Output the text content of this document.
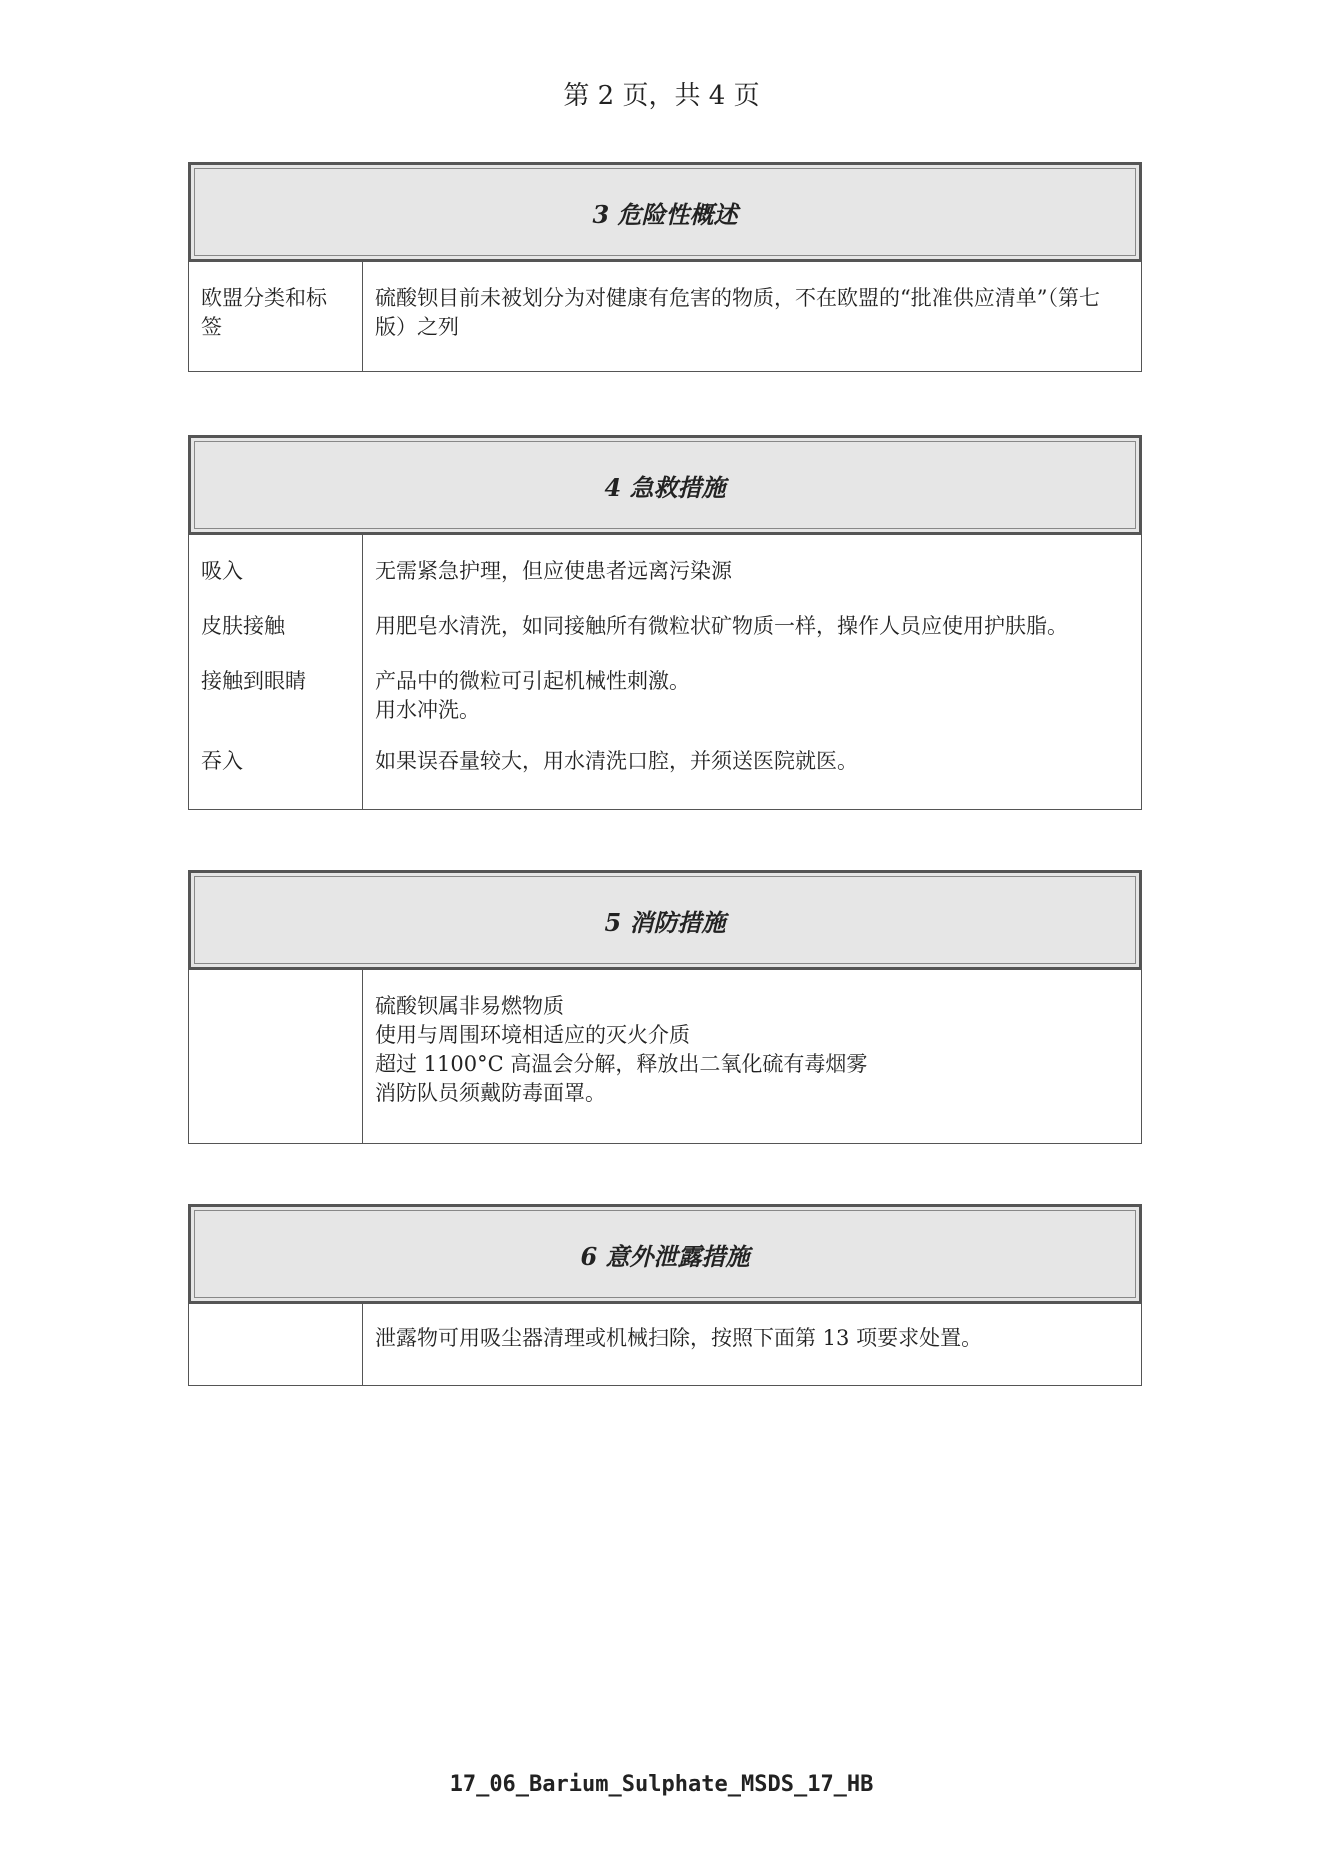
第 2 页，共 4 页
3 危险性概述
欧盟分类和标签
硫酸钡目前未被划分为对健康有危害的物质，不在欧盟的“批准供应清单”（第七版）之列
4 急救措施
吸入
皮肤接触
接触到眼睛
吞入
无需紧急护理，但应使患者远离污染源
用肥皂水清洗，如同接触所有微粒状矿物质一样，操作人员应使用护肤脂。
产品中的微粒可引起机械性刺激。
用水冲洗。
如果误吞量较大，用水清洗口腔，并须送医院就医。
5 消防措施
硫酸钡属非易燃物质
使用与周围环境相适应的灭火介质
超过 1100°C 高温会分解，释放出二氧化硫有毒烟雾
消防队员须戴防毒面罩。
6 意外泄露措施
泄露物可用吸尘器清理或机械扫除，按照下面第 13 项要求处置。
17_06_Barium_Sulphate_MSDS_17_HB
